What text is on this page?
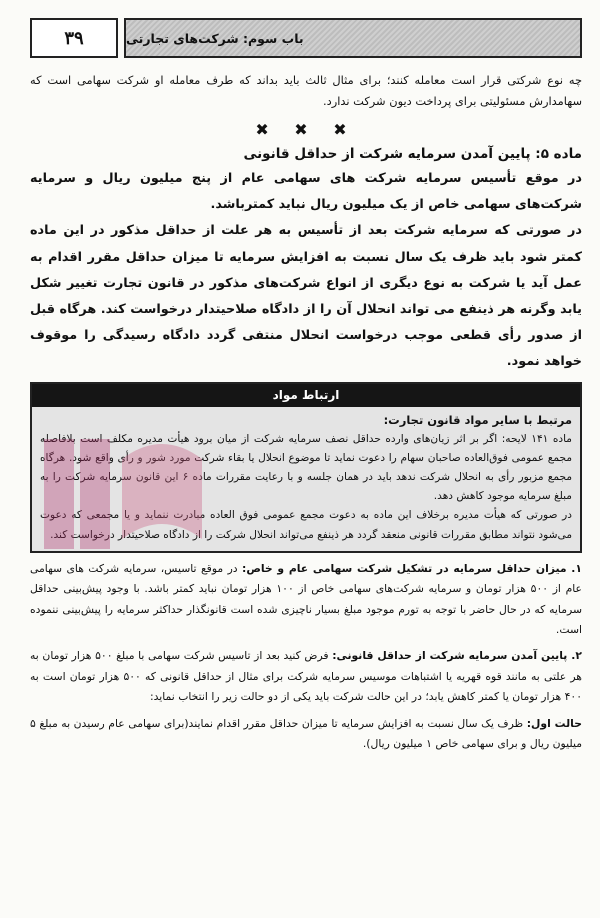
۳۹	باب سوم: شرکت‌های تجارتی

چه نوع شرکتی قرار است معامله کنند؛ برای مثال ثالث باید بداند که طرف معامله او شرکت سهامی است که سهامدارش مسئولیتی برای پرداخت دیون شرکت ندارد.

✖ ✖ ✖
ماده ۵: پایین آمدن سرمایه شرکت از حداقل قانونی

در موقع تأسیس سرمایه شرکت های سهامی عام از پنج میلیون ریال و سرمایه شرکت‌های سهامی خاص از یک میلیون ریال نباید کمترباشد.

در صورتی که سرمایه شرکت بعد از تأسیس به هر علت از حداقل مذکور در این ماده کمتر شود باید ظرف یک سال نسبت به افزایش سرمایه تا میزان حداقل مقرر اقدام به عمل آید یا شرکت به نوع دیگری از انواع شرکت‌های مذکور در قانون تجارت تغییر شکل یابد وگرنه هر ذینفع می تواند انحلال آن را از دادگاه صلاحیتدار درخواست کند. هرگاه قبل از صدور رأی قطعی موجب درخواست انحلال منتفی گردد دادگاه رسیدگی را موقوف خواهد نمود.

ارتباط مواد
مرتبط با سایر مواد قانون تجارت:

ماده ۱۴۱ لایحه: اگر بر اثر زیان‌های وارده حداقل نصف سرمایه شرکت از میان برود هیأت مدیره مکلف است بلافاصله مجمع عمومی فوق‌العاده صاحبان سهام را دعوت نماید تا موضوع انحلال یا بقاء شرکت مورد شور و رأی واقع شود. هرگاه مجمع مزبور رأی به انحلال شرکت ندهد باید در همان جلسه و با رعایت مقررات ماده ۶ این قانون سرمایه شرکت را به مبلغ سرمایه موجود کاهش دهد.

در صورتی که هیأت مدیره برخلاف این ماده به دعوت مجمع عمومی فوق العاده مبادرت ننماید و یا مجمعی که دعوت می‌شود نتواند مطابق مقررات قانونی منعقد گردد هر ذینفع می‌تواند انحلال شرکت را از دادگاه صلاحیتدار درخواست کند.

۱. میزان حداقل سرمایه در تشکیل شرکت سهامی عام و خاص: در موقع تاسیس، سرمایه شرکت های سهامی عام از ۵۰۰ هزار تومان و سرمایه شرکت‌های سهامی خاص از ۱۰۰ هزار تومان نباید کمتر باشد. با وجود پیش‌بینی حداقل سرمایه که در حال حاضر با توجه به تورم موجود مبلغ بسیار ناچیزی شده است قانونگذار حداکثر سرمایه را پیش‌بینی ننموده است.

۲. پایین آمدن سرمایه شرکت از حداقل قانونی: فرض کنید بعد از تاسیس شرکت سهامی با مبلغ ۵۰۰ هزار تومان به هر علتی به مانند قوه قهریه یا اشتباهات موسیس سرمایه شرکت برای مثال از حداقل قانونی که ۵۰۰ هزار تومان است به ۴۰۰ هزار تومان یا کمتر کاهش یابد؛ در این حالت شرکت باید یکی از دو حالت زیر را انتخاب نماید:

حالت اول: ظرف یک سال نسبت به افزایش سرمایه تا میزان حداقل مقرر اقدام نمایند(برای سهامی عام رسیدن به مبلغ ۵ میلیون ریال و برای سهامی خاص ۱ میلیون ریال).
